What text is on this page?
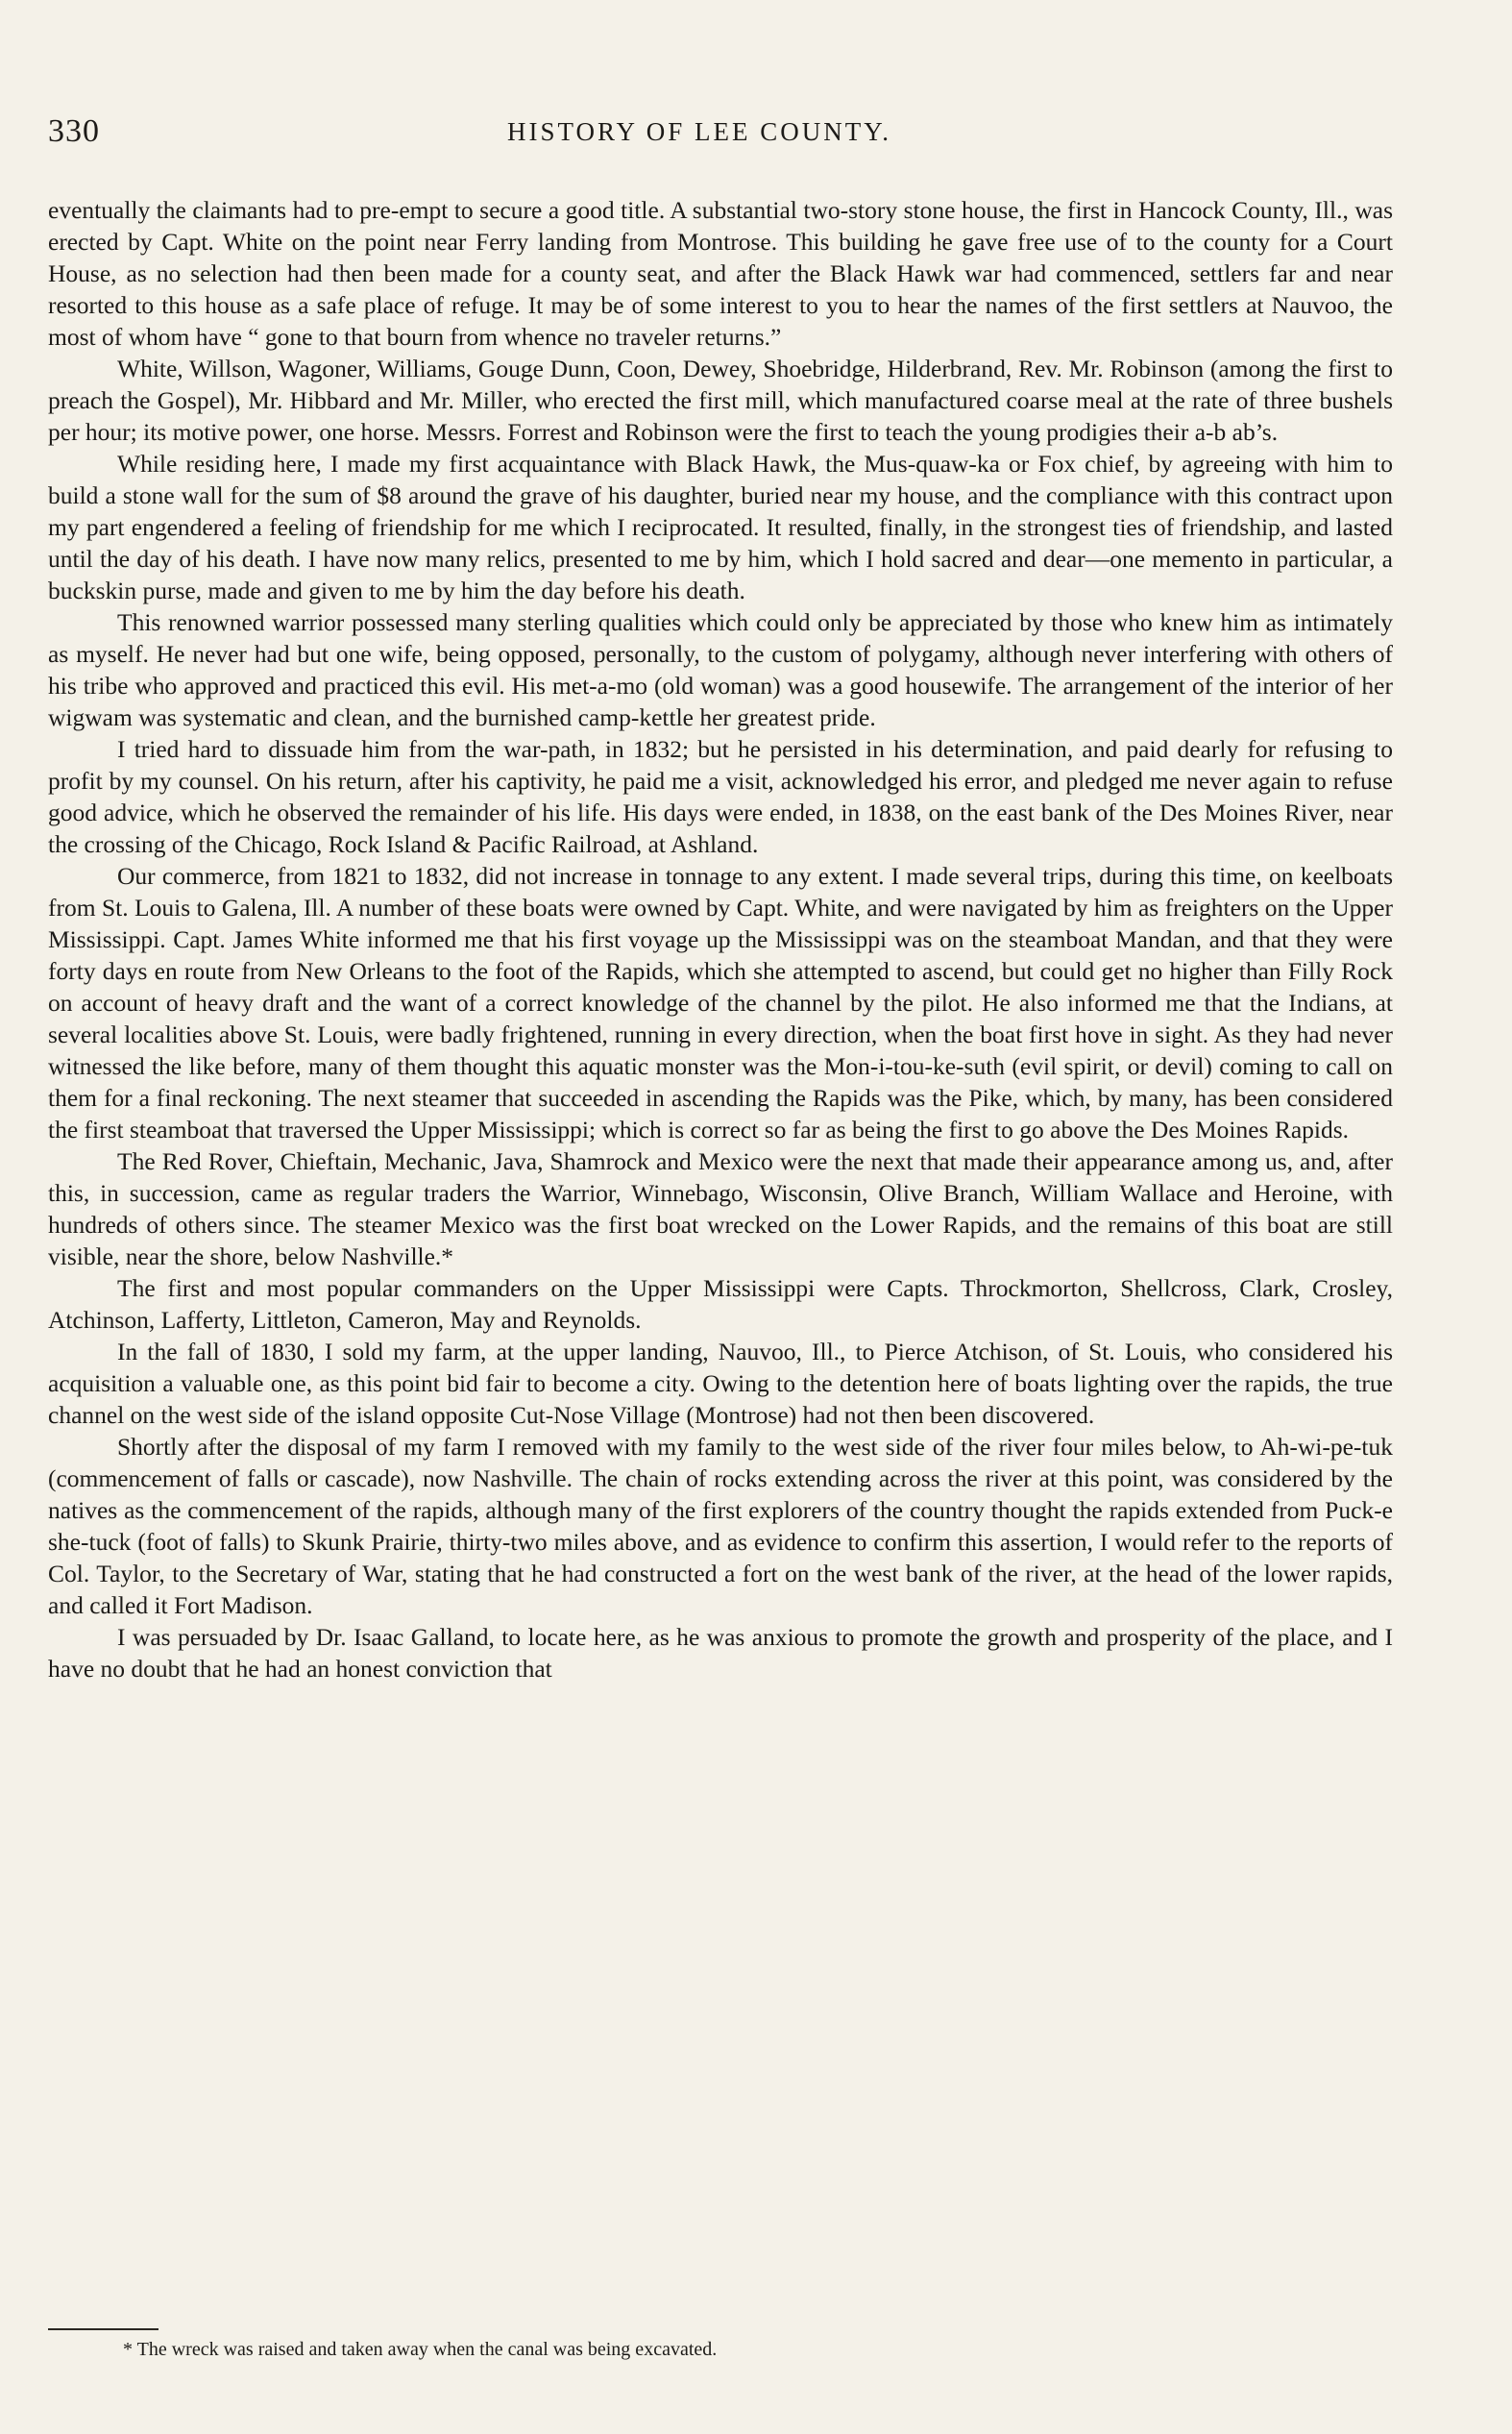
330	HISTORY OF LEE COUNTY.

eventually the claimants had to pre-empt to secure a good title. A substantial two-story stone house, the first in Hancock County, Ill., was erected by Capt. White on the point near Ferry landing from Montrose. This building he gave free use of to the county for a Court House, as no selection had then been made for a county seat, and after the Black Hawk war had commenced, settlers far and near resorted to this house as a safe place of refuge. It may be of some interest to you to hear the names of the first settlers at Nauvoo, the most of whom have “ gone to that bourn from whence no traveler returns.”

White, Willson, Wagoner, Williams, Gouge Dunn, Coon, Dewey, Shoebridge, Hilderbrand, Rev. Mr. Robinson (among the first to preach the Gospel), Mr. Hibbard and Mr. Miller, who erected the first mill, which manufactured coarse meal at the rate of three bushels per hour; its motive power, one horse. Messrs. Forrest and Robinson were the first to teach the young prodigies their a-b ab’s.

While residing here, I made my first acquaintance with Black Hawk, the Mus-quaw-ka or Fox chief, by agreeing with him to build a stone wall for the sum of $8 around the grave of his daughter, buried near my house, and the compliance with this contract upon my part engendered a feeling of friendship for me which I reciprocated. It resulted, finally, in the strongest ties of friendship, and lasted until the day of his death. I have now many relics, presented to me by him, which I hold sacred and dear—one memento in particular, a buckskin purse, made and given to me by him the day before his death.

This renowned warrior possessed many sterling qualities which could only be appreciated by those who knew him as intimately as myself. He never had but one wife, being opposed, personally, to the custom of polygamy, although never interfering with others of his tribe who approved and practiced this evil. His met-a-mo (old woman) was a good housewife. The arrangement of the interior of her wigwam was systematic and clean, and the burnished camp-kettle her greatest pride.

I tried hard to dissuade him from the war-path, in 1832; but he persisted in his determination, and paid dearly for refusing to profit by my counsel. On his return, after his captivity, he paid me a visit, acknowledged his error, and pledged me never again to refuse good advice, which he observed the remainder of his life. His days were ended, in 1838, on the east bank of the Des Moines River, near the crossing of the Chicago, Rock Island & Pacific Railroad, at Ashland.

Our commerce, from 1821 to 1832, did not increase in tonnage to any extent. I made several trips, during this time, on keelboats from St. Louis to Galena, Ill. A number of these boats were owned by Capt. White, and were navigated by him as freighters on the Upper Mississippi. Capt. James White informed me that his first voyage up the Mississippi was on the steamboat Mandan, and that they were forty days en route from New Orleans to the foot of the Rapids, which she attempted to ascend, but could get no higher than Filly Rock on account of heavy draft and the want of a correct knowledge of the channel by the pilot. He also informed me that the Indians, at several localities above St. Louis, were badly frightened, running in every direction, when the boat first hove in sight. As they had never witnessed the like before, many of them thought this aquatic monster was the Mon-i-tou-ke-suth (evil spirit, or devil) coming to call on them for a final reckoning. The next steamer that succeeded in ascending the Rapids was the Pike, which, by many, has been considered the first steamboat that traversed the Upper Mississippi; which is correct so far as being the first to go above the Des Moines Rapids.

The Red Rover, Chieftain, Mechanic, Java, Shamrock and Mexico were the next that made their appearance among us, and, after this, in succession, came as regular traders the Warrior, Winnebago, Wisconsin, Olive Branch, William Wallace and Heroine, with hundreds of others since. The steamer Mexico was the first boat wrecked on the Lower Rapids, and the remains of this boat are still visible, near the shore, below Nashville.*

The first and most popular commanders on the Upper Mississippi were Capts. Throckmorton, Shellcross, Clark, Crosley, Atchinson, Lafferty, Littleton, Cameron, May and Reynolds.

In the fall of 1830, I sold my farm, at the upper landing, Nauvoo, Ill., to Pierce Atchison, of St. Louis, who considered his acquisition a valuable one, as this point bid fair to become a city. Owing to the detention here of boats lighting over the rapids, the true channel on the west side of the island opposite Cut-Nose Village (Montrose) had not then been discovered.

Shortly after the disposal of my farm I removed with my family to the west side of the river four miles below, to Ah-wi-pe-tuk (commencement of falls or cascade), now Nashville. The chain of rocks extending across the river at this point, was considered by the natives as the commencement of the rapids, although many of the first explorers of the country thought the rapids extended from Puck-e she-tuck (foot of falls) to Skunk Prairie, thirty-two miles above, and as evidence to confirm this assertion, I would refer to the reports of Col. Taylor, to the Secretary of War, stating that he had constructed a fort on the west bank of the river, at the head of the lower rapids, and called it Fort Madison.

I was persuaded by Dr. Isaac Galland, to locate here, as he was anxious to promote the growth and prosperity of the place, and I have no doubt that he had an honest conviction that

* The wreck was raised and taken away when the canal was being excavated.
